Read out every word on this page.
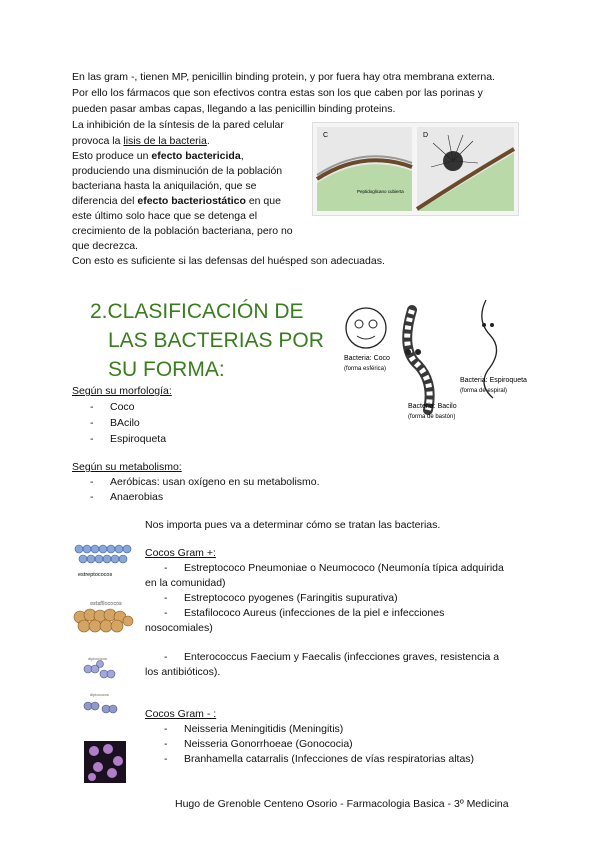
En las gram -, tienen MP, penicillin binding protein, y por fuera hay otra membrana externa.

Por ello los fármacos que son efectivos contra estas son los que caben por las porinas y

pueden pasar ambas capas, llegando a las penicillin binding proteins.

La inhibición de la síntesis de la pared celular

provoca la lisis de la bacteria.

Esto produce un efecto bactericida,

produciendo una disminución de la población

bacteriana hasta la aniquilación, que se

diferencia del efecto bacteriostático en que

este último solo hace que se detenga el

crecimiento de la población bacteriana, pero no

que decrezca.

Con esto es suficiente si las defensas del huésped son adecuadas.

C	D
Peptidoglicano cubierta
2.CLASIFICACIÓN DE
LAS BACTERIAS POR
SU FORMA:	Bacteria: Coco
(forma esférica)
Bacteria: Bacilo
(forma de bastón)
Bacteria: Espiroqueta
(forma de espiral)
Según su morfología:
- Coco
- BAcilo
- Espiroqueta
Según su metabolismo:
- Aeróbicas: usan oxígeno en su metabolismo.
- Anaerobias
Nos importa pues va a determinar cómo se tratan las bacterias.
estreptococos
estafilococos
diplococos
diplococos
Cocos Gram +:
- Estreptococo Pneumoniae o Neumococo (Neumonía típica adquirida
en la comunidad)
- Estreptococo pyogenes (Faringitis supurativa)
- Estafilococo Aureus (infecciones de la piel e infecciones
nosocomiales)
- Enterococcus Faecium y Faecalis (infecciones graves, resistencia a
los antibióticos).
Cocos Gram - :
- Neisseria Meningitidis (Meningitis)
- Neisseria Gonorrhoeae (Gonococia)
- Branhamella catarralis (Infecciones de vías respiratorias altas)
Hugo de Grenoble Centeno Osorio - Farmacologia Basica - 3º Medicina
